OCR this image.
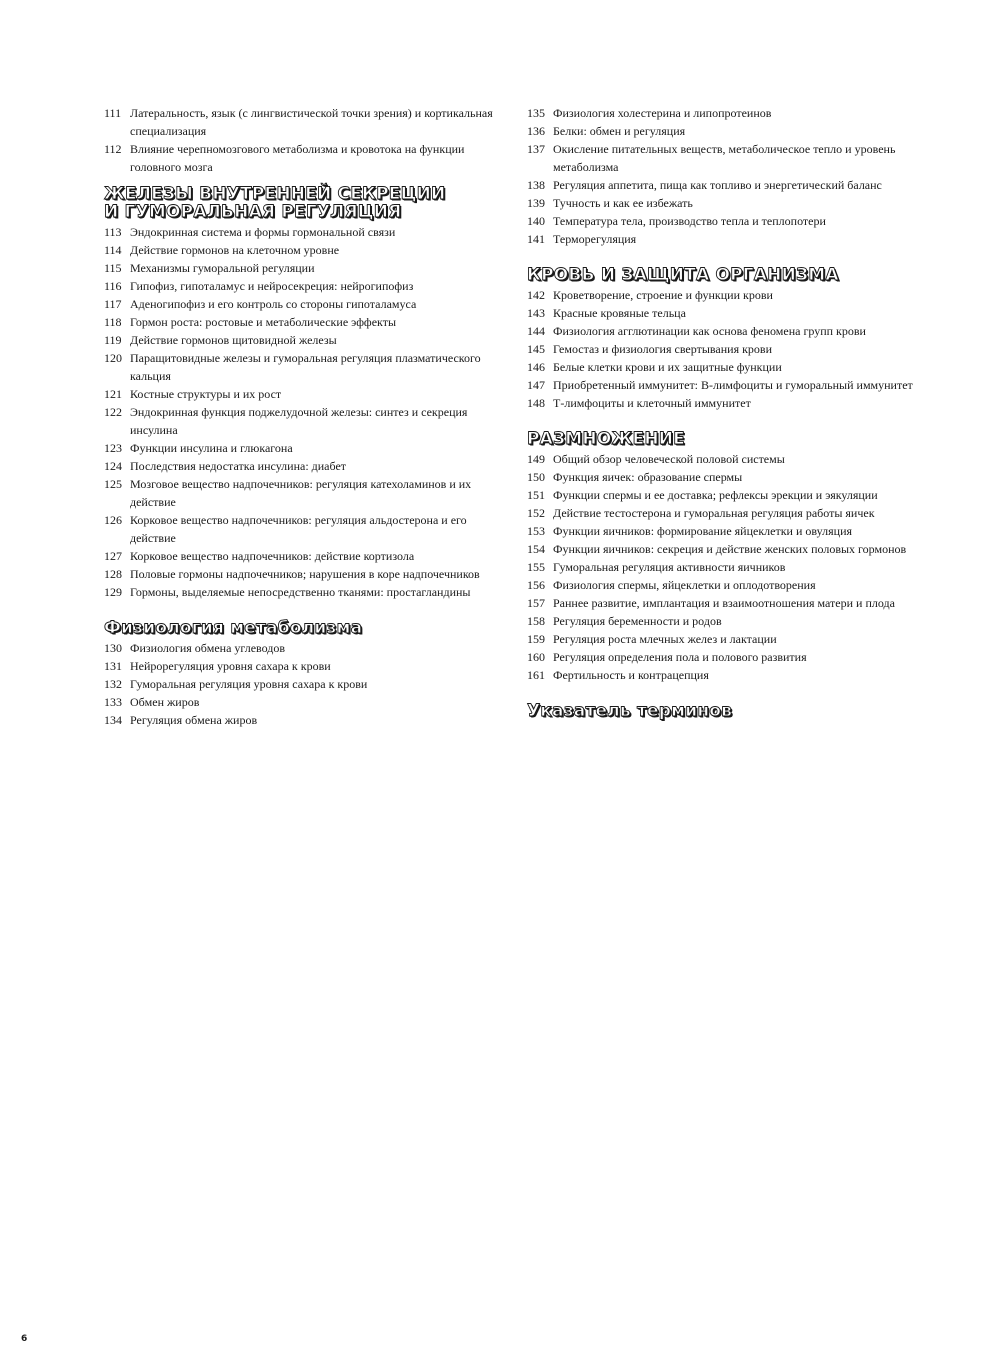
111 Латеральность, язык (с лингвистической точки зрения) и кортикальная специализация
112 Влияние черепномозгового метаболизма и кровотока на функции головного мозга
ЖЕЛЕЗЫ ВНУТРЕННЕЙ СЕКРЕЦИИ
И ГУМОРАЛЬНАЯ РЕГУЛЯЦИЯ
113 Эндокринная система и формы гормональной связи
114 Действие гормонов на клеточном уровне
115 Механизмы гуморальной регуляции
116 Гипофиз, гипоталамус и нейросекреция: нейрогипофиз
117 Аденогипофиз и его контроль со стороны гипоталамуса
118 Гормон роста: ростовые и метаболические эффекты
119 Действие гормонов щитовидной железы
120 Паращитовидные железы и гуморальная регуляция плазматического кальция
121 Костные структуры и их рост
122 Эндокринная функция поджелудочной железы: синтез и секреция инсулина
123 Функции инсулина и глюкагона
124 Последствия недостатка инсулина: диабет
125 Мозговое вещество надпочечников: регуляция катехоламинов и их действие
126 Корковое вещество надпочечников: регуляция альдостерона и его действие
127 Корковое вещество надпочечников: действие кортизола
128 Половые гормоны надпочечников; нарушения в коре надпочечников
129 Гормоны, выделяемые непосредственно тканями: простагландины
Физиология метаболизма
130 Физиология обмена углеводов
131 Нейрорегуляция уровня сахара к крови
132 Гуморальная регуляция уровня сахара к крови
133 Обмен жиров
134 Регуляция обмена жиров
135 Физиология холестерина и липопротеинов
136 Белки: обмен и регуляция
137 Окисление питательных веществ, метаболическое тепло и уровень метаболизма
138 Регуляция аппетита, пища как топливо и энергетический баланс
139 Тучность и как ее избежать
140 Температура тела, производство тепла и теплопотери
141 Терморегуляция
КРОВЬ И ЗАЩИТА ОРГАНИЗМА
142 Кроветворение, строение и функции крови
143 Красные кровяные тельца
144 Физиология агглютинации как основа феномена групп крови
145 Гемостаз и физиология свертывания крови
146 Белые клетки крови и их защитные функции
147 Приобретенный иммунитет: В-лимфоциты и гуморальный иммунитет
148 Т-лимфоциты и клеточный иммунитет
РАЗМНОЖЕНИЕ
149 Общий обзор человеческой половой системы
150 Функция яичек: образование спермы
151 Функции спермы и ее доставка; рефлексы эрекции и эякуляции
152 Действие тестостерона и гуморальная регуляция работы яичек
153 Функции яичников: формирование яйцеклетки и овуляция
154 Функции яичников: секреция и действие женских половых гормонов
155 Гуморальная регуляция активности яичников
156 Физиология спермы, яйцеклетки и оплодотворения
157 Раннее развитие, имплантация и взаимоотношения матери и плода
158 Регуляция беременности и родов
159 Регуляция роста млечных желез и лактации
160 Регуляция определения пола и полового развития
161 Фертильность и контрацепция
Указатель терминов
6
